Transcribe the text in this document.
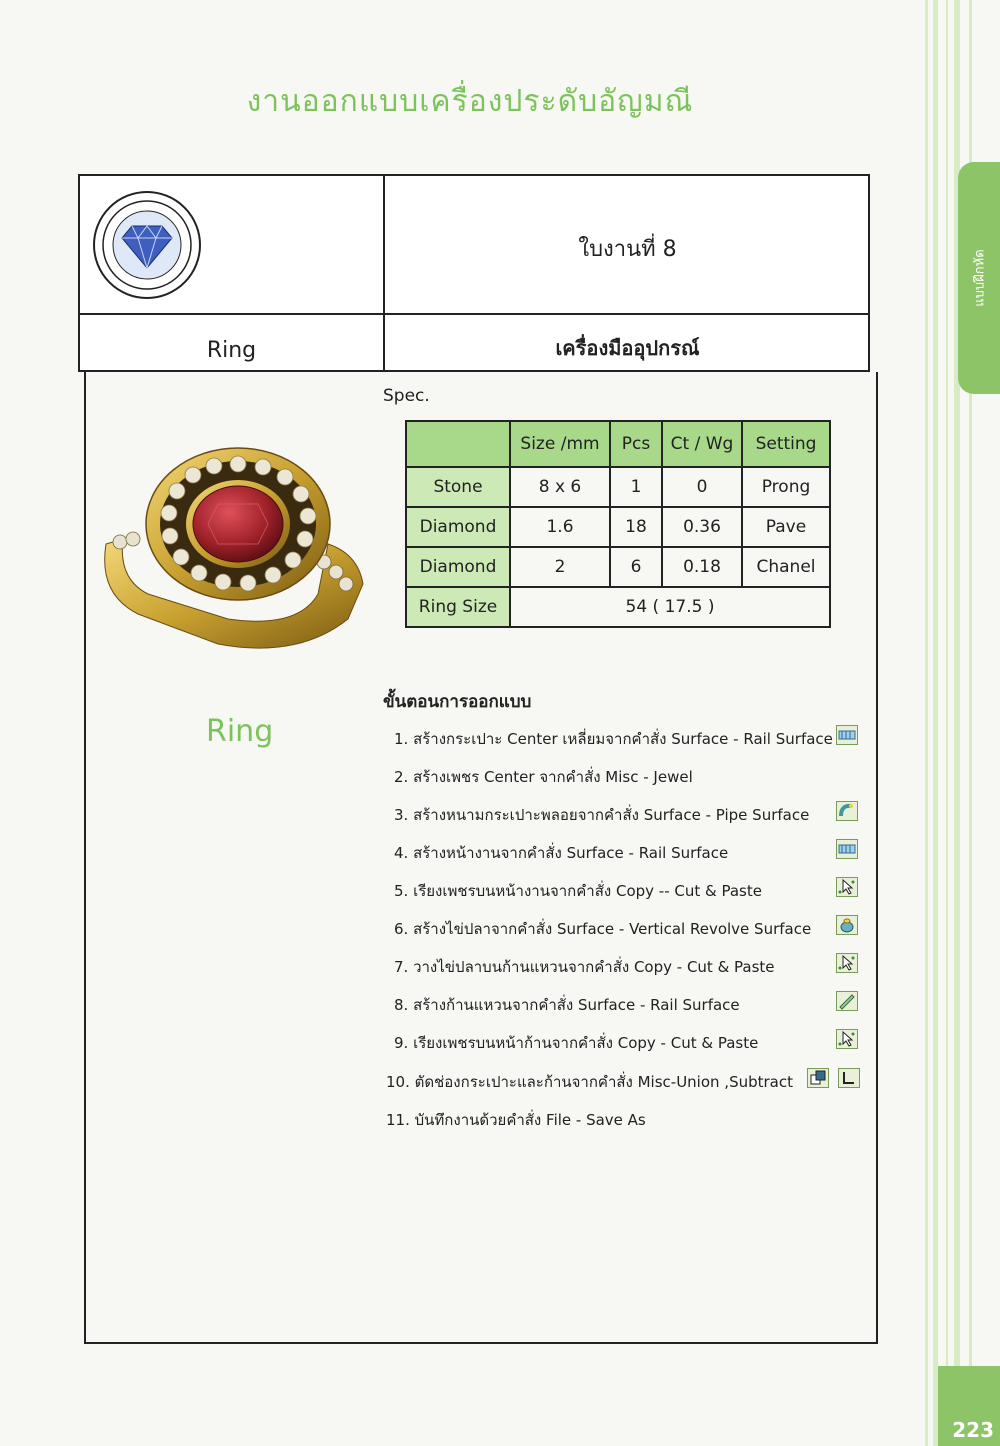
แบบฝึกหัด
223
งานออกแบบเครื่องประดับอัญมณี
ใบงานที่ 8
Ring	เครื่องมืออุปกรณ์
Ring
Spec.
	Size /mm	Pcs	Ct / Wg	Setting
Stone	8 x 6	1	0	Prong
Diamond	1.6	18	0.36	Pave
Diamond	2	6	0.18	Chanel
Ring Size	54 ( 17.5 )			
ขั้นตอนการออกแบบ
1. สร้างกระเปาะ Center เหลี่ยมจากคำสั่ง Surface - Rail Surface
2. สร้างเพชร Center จากคำสั่ง Misc - Jewel
3. สร้างหนามกระเปาะพลอยจากคำสั่ง Surface - Pipe Surface
4. สร้างหน้างานจากคำสั่ง Surface - Rail Surface
5. เรียงเพชรบนหน้างานจากคำสั่ง Copy -- Cut & Paste
6. สร้างไข่ปลาจากคำสั่ง Surface - Vertical Revolve Surface
7. วางไข่ปลาบนก้านแหวนจากคำสั่ง Copy - Cut & Paste
8. สร้างก้านแหวนจากคำสั่ง Surface - Rail Surface
9. เรียงเพชรบนหน้าก้านจากคำสั่ง Copy - Cut & Paste
10. ตัดช่องกระเปาะและก้านจากคำสั่ง Misc-Union ,Subtract
11. บันทึกงานด้วยคำสั่ง File - Save As
